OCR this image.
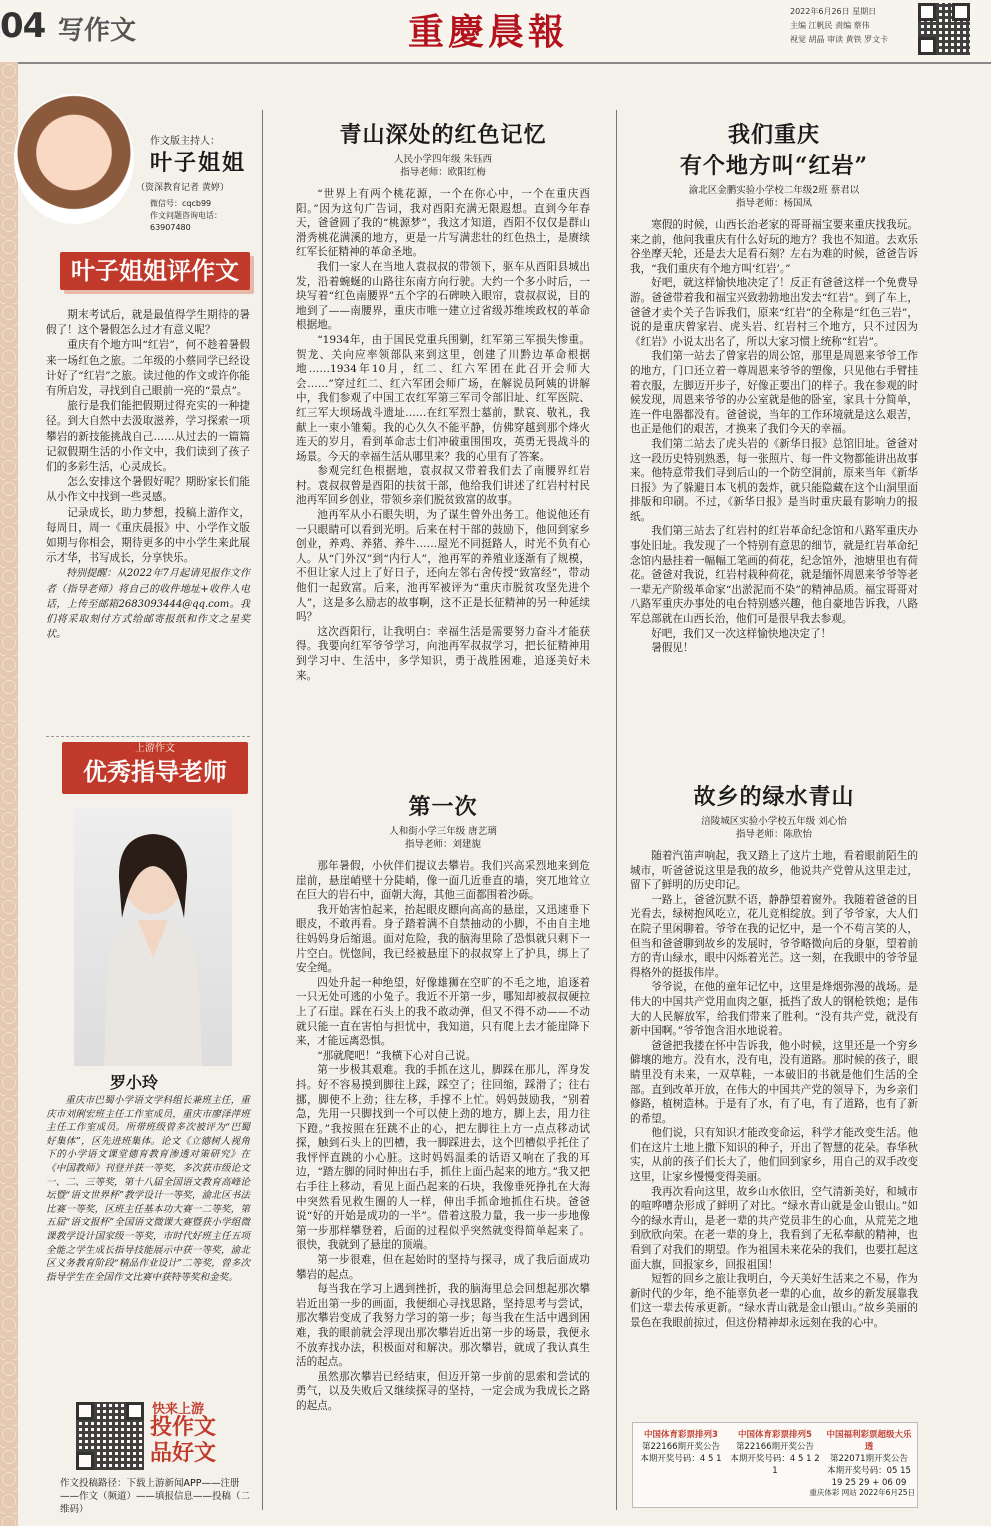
04 写作文	重慶晨報	2022年6月26日 星期日
主编 江帆民 责编 蔡伟
视觉 胡晶 审读 黄铁 罗文卡
作文版主持人：
叶子姐姐
（资深教育记者 黄婷）
微信号：cqcb99
作文问题咨询电话：
63907480
叶子姐姐评作文

期末考试后，就是最值得学生期待的暑假了！这个暑假怎么过才有意义呢？

重庆有个地方叫“红岩”，何不趁着暑假来一场红色之旅。二年级的小蔡同学已经设计好了“红岩”之旅。读过他的作文或许你能有所启发，寻找到自己眼前一亮的“景点”。

旅行是我们能把假期过得充实的一种捷径。到大自然中去汲取滋养，学习探索一项攀岩的新技能挑战自己……从过去的一篇篇记叙假期生活的小作文中，我们读到了孩子们的多彩生活，心灵成长。

怎么安排这个暑假好呢？期盼家长们能从小作文中找到一些灵感。

记录成长，助力梦想，投稿上游作文，每周日，周一《重庆晨报》中、小学作文版如期与你相会，期待更多的中小学生来此展示才华，书写成长，分享快乐。

特别提醒：从2022年7月起请见报作文作者（指导老师）将自己的收件地址+收件人电话，上传至邮箱2683093444@qq.com。我们将采取刻付方式给邮寄报纸和作文之星奖状。

上游作文
优秀指导老师
罗小玲

重庆市巴蜀小学语文学科组长兼班主任，重庆市刘俐宏班主任工作室成员，重庆市廖泽萍班主任工作室成员。所带班级曾多次被评为“巴蜀好集体”，区先进班集体。论文《立德树人视角下的小学语文课堂德育教育渗透对策研究》在《中国教师》刊登并获一等奖，多次获市级论文一、二、三等奖，第十八届全国语文教育高峰论坛暨“语文世界杯”教学设计一等奖，渝北区书法比赛一等奖，区班主任基本功大赛一二等奖，第五届“语文报杯”全国语文微课大赛暨获小学组微课教学设计国家级一等奖，市时代好班主任五项全能之学生成长指导技能展示中获一等奖，渝北区义务教育阶段“精品作业设计”二等奖，曾多次指导学生在全国作文比赛中获特等奖和金奖。

快来上游
投作文
品好文
作文投稿路径：下载上游新闻APP——注册——作文（频道）——填报信息——投稿（二维码）
青山深处的红色记忆
人民小学四年级 朱钰西
指导老师：欧阳红梅

“世界上有两个桃花源，一个在你心中，一个在重庆酉阳。”因为这句广告词，我对酉阳充满无限遐想。直到今年春天，爸爸圆了我的“桃源梦”，我这才知道，酉阳不仅仅是群山滑秀桃花满溪的地方，更是一片写满悲壮的红色热土，是赓续红军长征精神的革命圣地。

我们一家人在当地人袁叔叔的带领下，驱车从酉阳县城出发，沿着蜿蜒的山路往东南方向行驶。大约一个多小时后，一块写着“红色南腰界”五个字的石碑映入眼帘，袁叔叔说，目的地到了——南腰界，重庆市唯一建立过省级苏维埃政权的革命根据地。

“1934年，由于国民党重兵围剿，红军第三军损失惨重。贺龙、关向应率领部队来到这里，创建了川黔边革命根据地……1934年10月，红二、红六军团在此召开会师大会……”穿过红二、红六军团会师广场，在解说员阿姨的讲解中，我们参观了中国工农红军第三军司令部旧址、红军医院、红三军大坝场战斗遗址……在红军烈士墓前，默哀、敬礼，我献上一束小雏菊。我的心久久不能平静，仿佛穿越到那个烽火连天的岁月，看到革命志士们冲破重围围攻，英勇无畏战斗的场景。今天的幸福生活从哪里来？我的心里有了答案。

参观完红色根据地，袁叔叔又带着我们去了南腰界红岩村。袁叔叔曾是酉阳的扶贫干部，他给我们讲述了红岩村村民池再军回乡创业，带领乡亲们脱贫致富的故事。

池再军从小石眼失明，为了谋生曾外出务工。他说他还有一只眼睛可以看到光明。后来在村干部的鼓励下，他回到家乡创业，养鸡、养猪、养牛……屋光不同挺路人，时光不负有心人。从“门外汉”到“内行人”，池再军的养殖业逐渐有了规模，不但让家人过上了好日子，还向左邻右舍传授“致富经”，带动他们一起致富。后来，池再军被评为“重庆市脱贫攻坚先进个人”，这是多么励志的故事啊，这不正是长征精神的另一种延续吗？

这次酉阳行，让我明白：幸福生活是需要努力奋斗才能获得。我要向红军爷爷学习，向池再军叔叔学习，把长征精神用到学习中、生活中，多学知识，勇于战胜困难，追逐美好未来。

第一次
人和街小学三年级 唐艺璃
指导老师：刘建旎

那年暑假，小伙伴们提议去攀岩。我们兴高采烈地来到危崖前，悬崖峭壁十分陡峭，像一面几近垂直的墙，突兀地耸立在巨大的岩石中，面朝大海，其他三面都围着沙砾。

我开始害怕起来，抬起眼皮瞟向高高的悬崖，又迅速垂下眼皮，不敢再看。身子踏着满不自禁抽动的小脚，不由自主地往妈妈身后缩退。面对危险，我的脑海里除了恐惧就只剩下一片空白。恍惚间，我已经被悬崖下的叔叔穿上了护具，绑上了安全绳。

四处升起一种绝望，好像雄狮在空旷的不毛之地，追逐着一只无处可逃的小兔子。我近不开第一步，哪知却被叔叔硬拉上了石崖。踩在石头上的我不敢动弹，但又不得不动——不动就只能一直在害怕与担忧中，我知道，只有爬上去才能崖降下来，才能远离恐惧。

“那就爬吧！”我横下心对自己说。

第一步极其艰难。我的手抓在这儿，脚踩在那儿，浑身发抖。好不容易摸到脚往上踩，踩空了；往回缩，踩滑了；往右挪，脚使不上劲；往左移，手撑不上忙。妈妈鼓励我，“别着急，先用一只脚找到一个可以使上劲的地方，脚上去，用力往下蹬。”我按照在狂跳不止的心，把左脚往上方一点点移动试探，触到石头上的凹槽，我一脚踩进去，这个凹槽似乎托住了我怦怦直跳的小心脏。这时妈妈温柔的话语又响在了我的耳边，“踏左脚的同时伸出右手，抓住上面凸起来的地方。”我又把右手往上移动，看见上面凸起来的石块，我像垂死挣扎在大海中突然看见救生圈的人一样，伸出手抓命地抓住石块。爸爸说“好的开始是成功的一半”。借着这股力量，我一步一步地像第一步那样攀登着，后面的过程似乎突然就变得简单起来了。很快，我就到了悬崖的顶端。

第一步很难，但在起始时的坚持与探寻，成了我后面成功攀岩的起点。

每当我在学习上遇到挫折，我的脑海里总会回想起那次攀岩近出第一步的画面，我便细心寻找思路，坚持思考与尝试，那次攀岩变成了我努力学习的第一步；每当我在生活中遇到困难，我的眼前就会浮现出那次攀岩近出第一步的场景，我便永不放弃找办法，积极面对和解决。那次攀岩，就成了我认真生活的起点。

虽然那次攀岩已经结束，但迈开第一步前的思索和尝试的勇气，以及失败后又继续探寻的坚持，一定会成为我成长之路的起点。

我们重庆
有个地方叫“红岩”
渝北区金鹏实验小学校二年级2班 蔡君以
指导老师：杨国凤

寒假的时候，山西长治老家的哥哥福宝要来重庆找我玩。来之前，他问我重庆有什么好玩的地方？我也不知道。去欢乐谷坐摩天轮，还是去大足看石刻？左右为难的时候，爸爸告诉我，“我们重庆有个地方叫‘红岩’。”

好吧，就这样愉快地决定了！反正有爸爸这样一个免费导游。爸爸带着我和福宝兴致勃勃地出发去“红岩”。到了车上，爸爸才卖个关子告诉我们，原来“红岩”的全称是“红色三岩”，说的是重庆曾家岩、虎头岩、红岩村三个地方，只不过因为《红岩》小说太出名了，所以大家习惯上统称“红岩”。

我们第一站去了曾家岩的周公馆，那里是周恩来爷爷工作的地方，门口还立着一尊周恩来爷爷的塑像，只见他右手臂挂着衣服，左脚迈开步子，好像正要出门的样子。我在参观的时候发现，周恩来爷爷的办公室就是他的卧室，家具十分简单，连一件电器都没有。爸爸说，当年的工作环境就是这么艰苦，也正是他们的艰苦，才换来了我们今天的幸福。

我们第二站去了虎头岩的《新华日报》总馆旧址。爸爸对这一段历史特别熟悉，每一张照片、每一件文物都能讲出故事来。他特意带我们寻到后山的一个防空洞前，原来当年《新华日报》为了躲避日本飞机的轰炸，就只能隐藏在这个山洞里面排版和印刷。不过，《新华日报》是当时重庆最有影响力的报纸。

我们第三站去了红岩村的红岩革命纪念馆和八路军重庆办事处旧址。我发现了一个特别有意思的细节，就是红岩革命纪念馆内悬挂着一幅幅工笔画的荷花，纪念馆外，池塘里也有荷花。爸爸对我说，红岩村栽种荷花，就是缅怀周恩来爷爷等老一辈无产阶级革命家“出淤泥而不染”的精神品质。福宝哥哥对八路军重庆办事处的电台特别感兴趣，他自豪地告诉我，八路军总部就在山西长治，他们可是很早我去参观。

好吧，我们又一次这样愉快地决定了！

暑假见！

故乡的绿水青山
涪陵城区实验小学校五年级 刘心怡
指导老师：陈欣怡

随着汽笛声响起，我又踏上了这片土地，看着眼前陌生的城市，听爸爸说这里是我的故乡，他说共产党曾从这里走过，留下了鲜明的历史印记。

一路上，爸爸沉默不语，静静望着窗外。我随着爸爸的目光看去，绿树抱风吃立，花儿竞相绽放。到了爷爷家，大人们在院子里闲聊着。爷爷在我的记忆中，是一个不苟言笑的人，但当和爸爸聊到故乡的发展时，爷爷略微向后的身躯，望着前方的青山绿水，眼中闪烁着光芒。这一刻，在我眼中的爷爷显得格外的挺拔伟岸。

爷爷说，在他的童年记忆中，这里是烽烟弥漫的战场。是伟大的中国共产党用血肉之躯，抵挡了敌人的钢枪铁炮；是伟大的人民解放军，给我们带来了胜利。“没有共产党，就没有新中国啊。”爷爷饱含泪水地说着。

爸爸把我搂在怀中告诉我，他小时候，这里还是一个穷乡僻壤的地方。没有水，没有电，没有道路。那时候的孩子，眼睛里没有未来，一双草鞋，一本破旧的书就是他们生活的全部。直到改革开放，在伟大的中国共产党的领导下，为乡亲们修路，植树造林。于是有了水，有了电，有了道路，也有了新的希望。

他们说，只有知识才能改变命运，科学才能改变生活。他们在这片土地上撒下知识的种子，开出了智慧的花朵。春华秋实，从前的孩子们长大了，他们回到家乡，用自己的双手改变这里，让家乡慢慢变得美丽。

我再次看向这里，故乡山水依旧，空气清新美好，和城市的喧哗嘈杂形成了鲜明了对比。“绿水青山就是金山银山。”如今的绿水青山，是老一辈的共产党员非生的心血，从荒芜之地到欣欣向荣。在老一辈的身上，我看到了无私奉献的精神，也看到了对我们的期望。作为祖国未来花朵的我们，也要扛起这面大旗，回报家乡，回报祖国！

短暂的回乡之旅让我明白，今天美好生活来之不易，作为新时代的少年，绝不能辜负老一辈的心血，故乡的新发展靠我们这一辈去传承更新。“绿水青山就是金山银山。”故乡美丽的景色在我眼前掠过，但这份精神却永远刻在我的心中。

中国体育彩票排列3
第22166期开奖公告
本期开奖号码：4 5 1
中国体育彩票排列5
第22166期开奖公告
本期开奖号码：4 5 1 2 1
中国福利彩票超级大乐透
第22071期开奖公告
本期开奖号码：05 15 19 25 29 + 06 09
重庆体彩 网站 2022年6月25日
